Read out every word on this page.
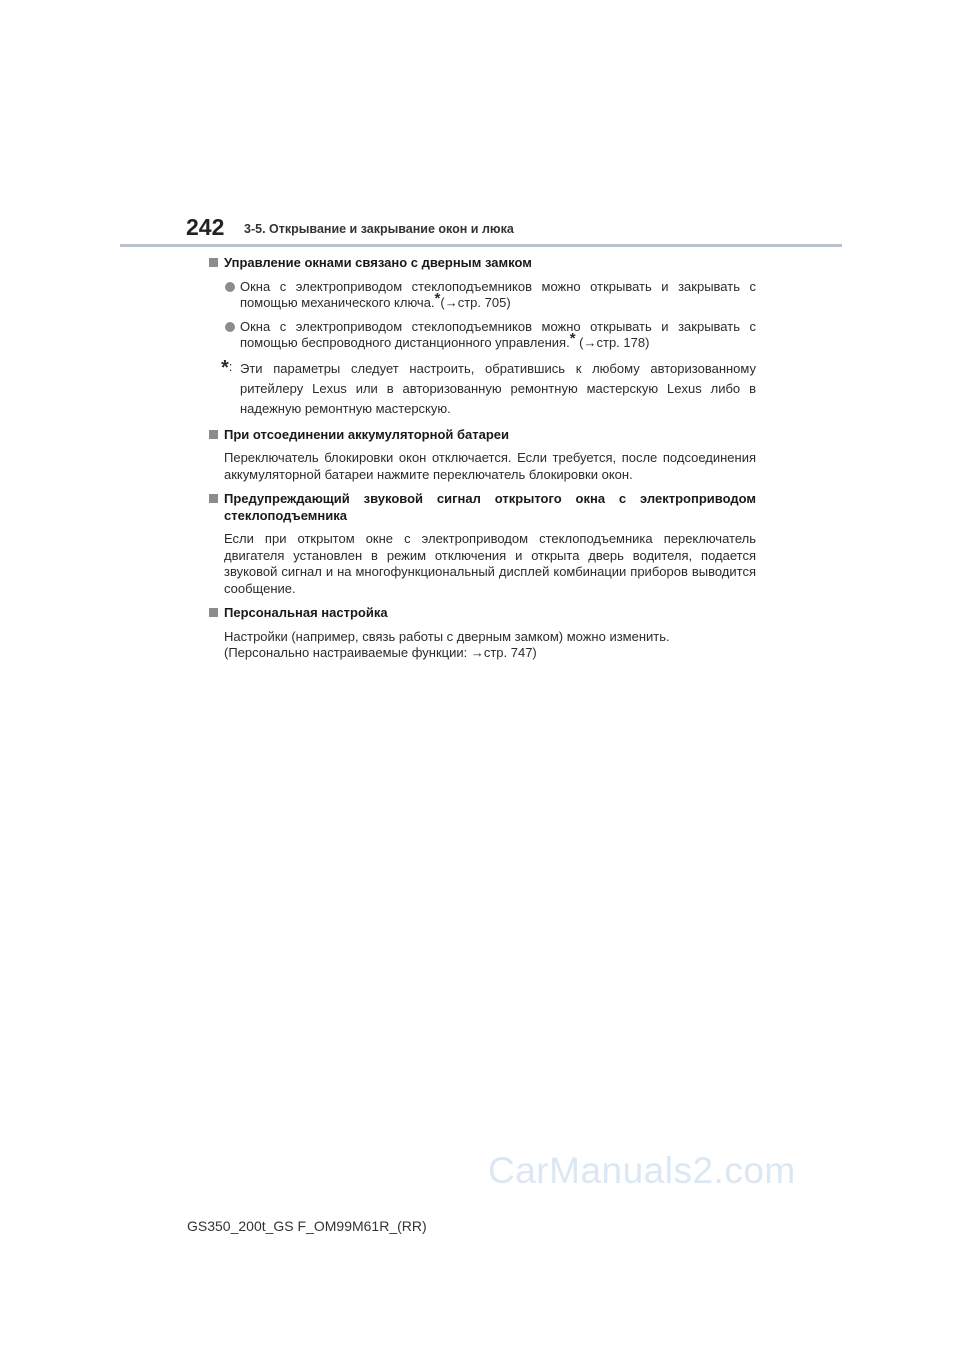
242 3-5. Открывание и закрывание окон и люка
Управление окнами связано с дверным замком
Окна с электроприводом стеклоподъемников можно открывать и закрывать с помощью механического ключа.*(→стр. 705)
Окна с электроприводом стеклоподъемников можно открывать и закрывать с помощью беспроводного дистанционного управления.* (→стр. 178)
*: Эти параметры следует настроить, обратившись к любому авторизованному ритейлеру Lexus или в авторизованную ремонтную мастерскую Lexus либо в надежную ремонтную мастерскую.
При отсоединении аккумуляторной батареи
Переключатель блокировки окон отключается. Если требуется, после подсоединения аккумуляторной батареи нажмите переключатель блокировки окон.
Предупреждающий звуковой сигнал открытого окна с электроприводом стеклоподъемника
Если при открытом окне с электроприводом стеклоподъемника переключатель двигателя установлен в режим отключения и открыта дверь водителя, подается звуковой сигнал и на многофункциональный дисплей комбинации приборов выводится сообщение.
Персональная настройка
Настройки (например, связь работы с дверным замком) можно изменить.
(Персонально настраиваемые функции: →стр. 747)
CarManuals2.com
GS350_200t_GS F_OM99M61R_(RR)
